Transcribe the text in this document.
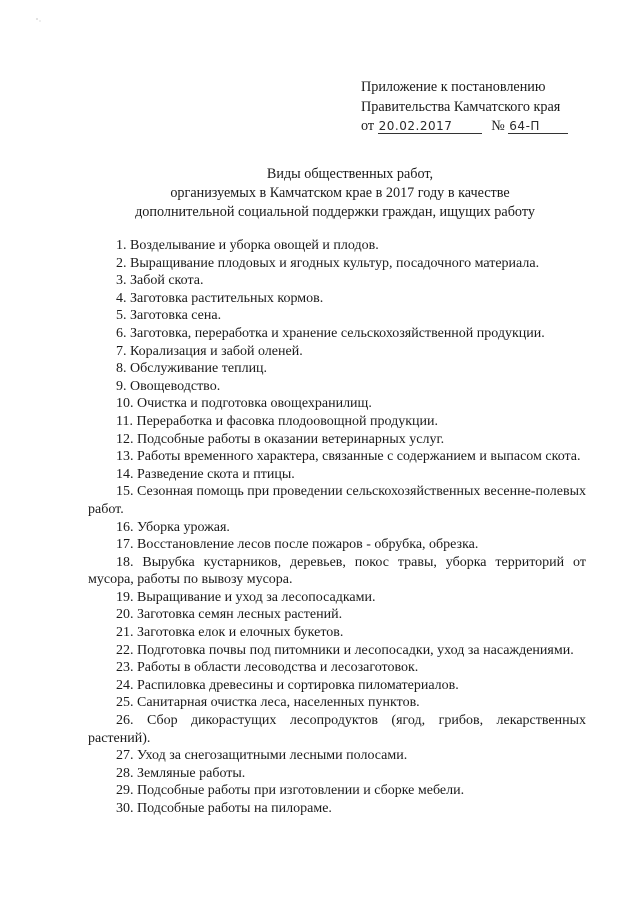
Приложение к постановлению
Правительства Камчатского края
от 20.02.2017	№ 64-П
Виды общественных работ,
организуемых в Камчатском крае в 2017 году в качестве
дополнительной социальной поддержки граждан, ищущих работу
1. Возделывание и уборка овощей и плодов.
2. Выращивание плодовых и ягодных культур, посадочного материала.
3. Забой скота.
4. Заготовка растительных кормов.
5. Заготовка сена.
6. Заготовка, переработка и хранение сельскохозяйственной продукции.
7. Корализация и забой оленей.
8. Обслуживание теплиц.
9. Овощеводство.
10. Очистка и подготовка овощехранилищ.
11. Переработка и фасовка плодоовощной продукции.
12. Подсобные работы в оказании ветеринарных услуг.
13. Работы временного характера, связанные с содержанием и выпасом скота.
14. Разведение скота и птицы.
15. Сезонная помощь при проведении сельскохозяйственных весенне-полевых работ.
16. Уборка урожая.
17. Восстановление лесов после пожаров - обрубка, обрезка.
18. Вырубка кустарников, деревьев, покос травы, уборка территорий от мусора, работы по вывозу мусора.
19. Выращивание и уход за лесопосадками.
20. Заготовка семян лесных растений.
21. Заготовка елок и елочных букетов.
22. Подготовка почвы под питомники и лесопосадки, уход за насаждениями.
23. Работы в области лесоводства и лесозаготовок.
24. Распиловка древесины и сортировка пиломатериалов.
25. Санитарная очистка леса, населенных пунктов.
26. Сбор дикорастущих лесопродуктов (ягод, грибов, лекарственных растений).
27. Уход за снегозащитными лесными полосами.
28. Земляные работы.
29. Подсобные работы при изготовлении и сборке мебели.
30. Подсобные работы на пилораме.
